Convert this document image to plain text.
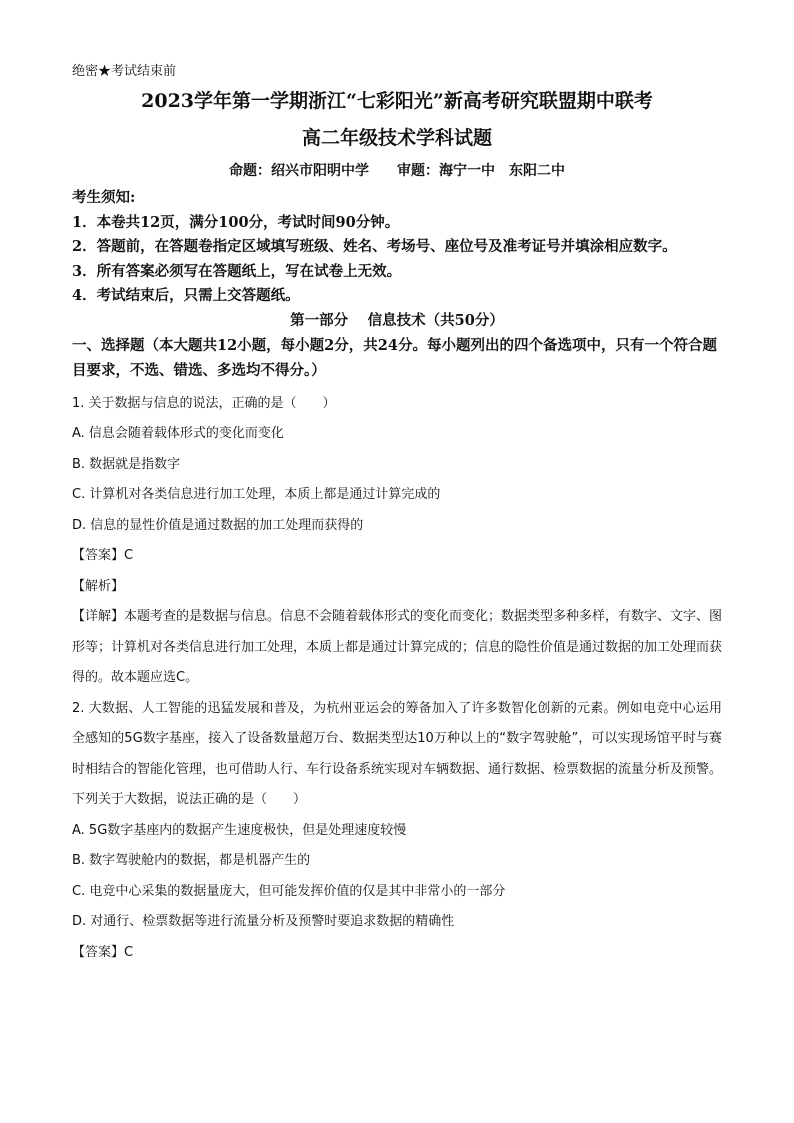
绝密★考试结束前

2023学年第一学期浙江“七彩阳光”新高考研究联盟期中联考

高二年级技术学科试题

命题：绍兴市阳明中学　　审题：海宁一中　东阳二中

考生须知:

1．本卷共12页，满分100分，考试时间90分钟。

2．答题前，在答题卷指定区域填写班级、姓名、考场号、座位号及准考证号并填涂相应数字。

3．所有答案必须写在答题纸上，写在试卷上无效。

4．考试结束后，只需上交答题纸。

第一部分　 信息技术（共50分）

一、选择题（本大题共12小题，每小题2分，共24分。每小题列出的四个备选项中，只有一个符合题目要求，不选、错选、多选均不得分。）

1. 关于数据与信息的说法，正确的是（　　）

A. 信息会随着载体形式的变化而变化

B. 数据就是指数字

C. 计算机对各类信息进行加工处理，本质上都是通过计算完成的

D. 信息的显性价值是通过数据的加工处理而获得的

【答案】C

【解析】

【详解】本题考查的是数据与信息。信息不会随着载体形式的变化而变化；数据类型多种多样，有数字、文字、图形等；计算机对各类信息进行加工处理，本质上都是通过计算完成的；信息的隐性价值是通过数据的加工处理而获得的。故本题应选C。

2. 大数据、人工智能的迅猛发展和普及，为杭州亚运会的筹备加入了许多数智化创新的元素。例如电竞中心运用全感知的5G数字基座，接入了设备数量超万台、数据类型达10万种以上的“数字驾驶舱”，可以实现场馆平时与赛时相结合的智能化管理，也可借助人行、车行设备系统实现对车辆数据、通行数据、检票数据的流量分析及预警。下列关于大数据，说法正确的是（　　）

A. 5G数字基座内的数据产生速度极快，但是处理速度较慢

B. 数字驾驶舱内的数据，都是机器产生的

C. 电竞中心采集的数据量庞大，但可能发挥价值的仅是其中非常小的一部分

D. 对通行、检票数据等进行流量分析及预警时要追求数据的精确性

【答案】C
